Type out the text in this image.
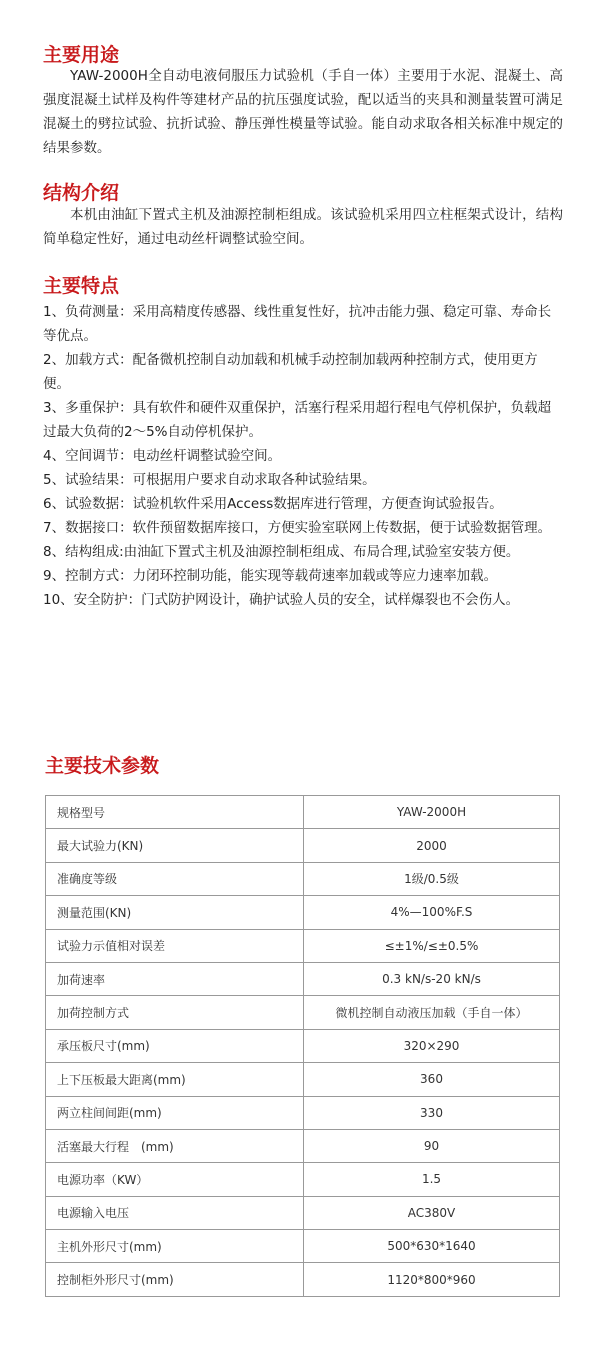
主要用途

YAW-2000H全自动电液伺服压力试验机（手自一体）主要用于水泥、混凝土、高强度混凝土试样及构件等建材产品的抗压强度试验，配以适当的夹具和测量装置可满足混凝土的劈拉试验、抗折试验、静压弹性模量等试验。能自动求取各相关标准中规定的结果参数。

结构介绍

本机由油缸下置式主机及油源控制柜组成。该试验机采用四立柱框架式设计，结构简单稳定性好，通过电动丝杆调整试验空间。

主要特点
1、负荷测量：采用高精度传感器、线性重复性好，抗冲击能力强、稳定可靠、寿命长等优点。
2、加载方式：配备微机控制自动加载和机械手动控制加载两种控制方式，使用更方便。
3、多重保护：具有软件和硬件双重保护，活塞行程采用超行程电气停机保护，负载超过最大负荷的2～5%自动停机保护。
4、空间调节：电动丝杆调整试验空间。
5、试验结果：可根据用户要求自动求取各种试验结果。
6、试验数据：试验机软件采用Access数据库进行管理，方便查询试验报告。
7、数据接口：软件预留数据库接口，方便实验室联网上传数据，便于试验数据管理。
8、结构组成:由油缸下置式主机及油源控制柜组成、布局合理,试验室安装方便。
9、控制方式：力闭环控制功能，能实现等载荷速率加载或等应力速率加载。
10、安全防护：门式防护网设计，确护试验人员的安全，试样爆裂也不会伤人。
主要技术参数
规格型号	YAW-2000H
最大试验力(KN)	2000
准确度等级	1级/0.5级
测量范围(KN)	4%—100%F.S
试验力示值相对误差	≤±1%/≤±0.5%
加荷速率	0.3 kN/s-20 kN/s
加荷控制方式	微机控制自动液压加载（手自一体）
承压板尺寸(mm)	320×290
上下压板最大距离(mm)	360
两立柱间间距(mm)	330
活塞最大行程　(mm)	90
电源功率（KW）	1.5
电源输入电压	AC380V
主机外形尺寸(mm)	500*630*1640
控制柜外形尺寸(mm)	1120*800*960
